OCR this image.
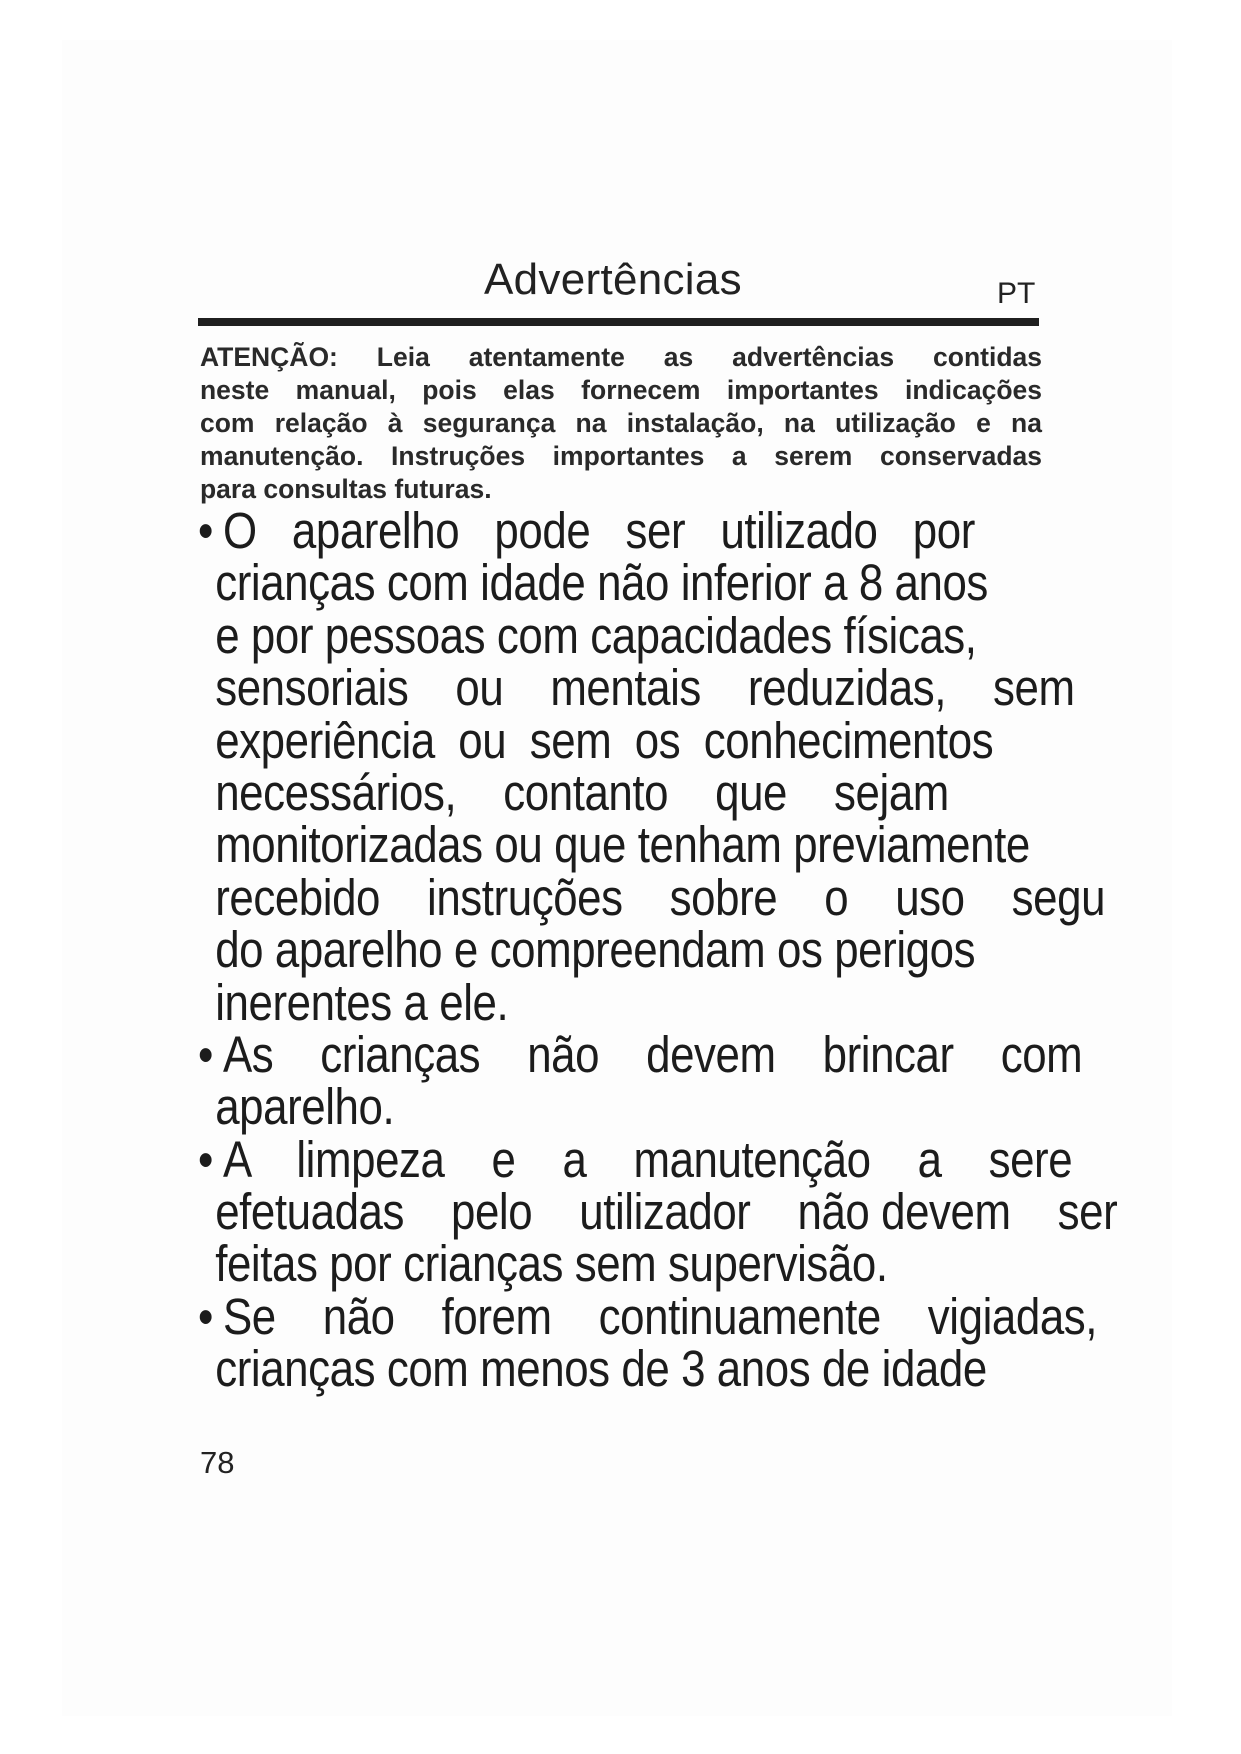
Advertências	PT
ATENÇÃO: Leia atentamente as advertências contidas
neste manual, pois elas fornecem importantes indicações
com relação à segurança na instalação, na utilização e na
manutenção. Instruções importantes a serem conservadas
para consultas futuras.
• O   aparelho   pode   ser   utilizado   por
crianças com idade não inferior a 8 anos
e por pessoas com capacidades físicas,
sensoriais    ou    mentais    reduzidas,    sem
experiência  ou  sem  os  conhecimentos
necessários,    contanto    que    sejam
monitorizadas ou que tenham previamente
recebido    instruções    sobre    o    uso    segu
do aparelho e compreendam os perigos
inerentes a ele.
• As    crianças    não    devem    brincar    com
aparelho.
• A    limpeza    e    a    manutenção    a    sere
efetuadas    pelo    utilizador    não devem    ser
feitas por crianças sem supervisão.
• Se    não    forem    continuamente    vigiadas,
crianças com menos de 3 anos de idade
78
